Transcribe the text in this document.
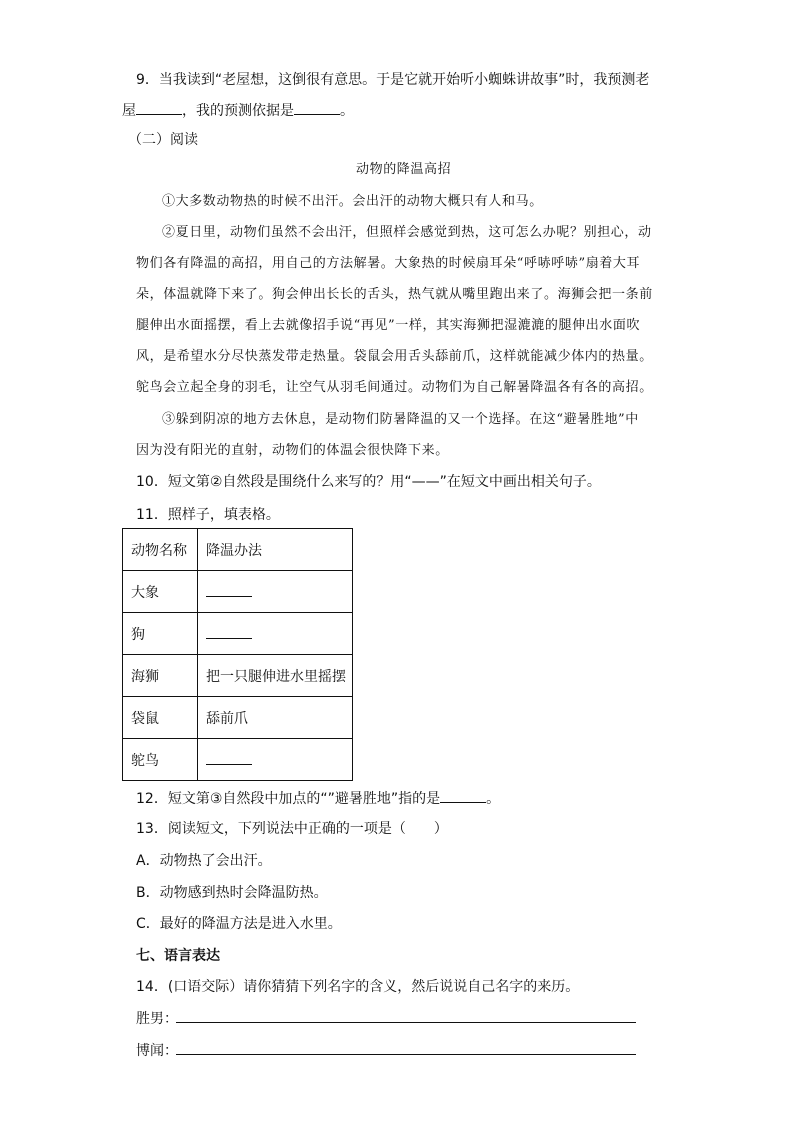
9．当我读到“老屋想，这倒很有意思。于是它就开始听小蜘蛛讲故事”时，我预测老
屋	，我的预测依据是	。
（二）阅读
动物的降温高招
①大多数动物热的时候不出汗。会出汗的动物大概只有人和马。
②夏日里，动物们虽然不会出汗，但照样会感觉到热，这可怎么办呢？别担心，动
物们各有降温的高招，用自己的方法解暑。大象热的时候扇耳朵“呼哧呼哧”扇着大耳
朵，体温就降下来了。狗会伸出长长的舌头，热气就从嘴里跑出来了。海狮会把一条前
腿伸出水面摇摆，看上去就像招手说“再见”一样，其实海狮把湿漉漉的腿伸出水面吹
风，是希望水分尽快蒸发带走热量。袋鼠会用舌头舔前爪，这样就能减少体内的热量。
鸵鸟会立起全身的羽毛，让空气从羽毛间通过。动物们为自己解暑降温各有各的高招。
③躲到阴凉的地方去休息，是动物们防暑降温的又一个选择。在这“避暑胜地”中
因为没有阳光的直射，动物们的体温会很快降下来。
10．短文第②自然段是围绕什么来写的？用“——”在短文中画出相关句子。
11．照样子，填表格。
动物名称	降温办法
大象	
狗	
海狮	把一只腿伸进水里摇摆
袋鼠	舔前爪
鸵鸟	
12．短文第③自然段中加点的“”避暑胜地”指的是	。
13．阅读短文，下列说法中正确的一项是（　　）
A．动物热了会出汗。
B．动物感到热时会降温防热。
C．最好的降温方法是进入水里。
七、语言表达
14．(口语交际）请你猜猜下列名字的含义，然后说说自己名字的来历。
胜男：
博闻：
